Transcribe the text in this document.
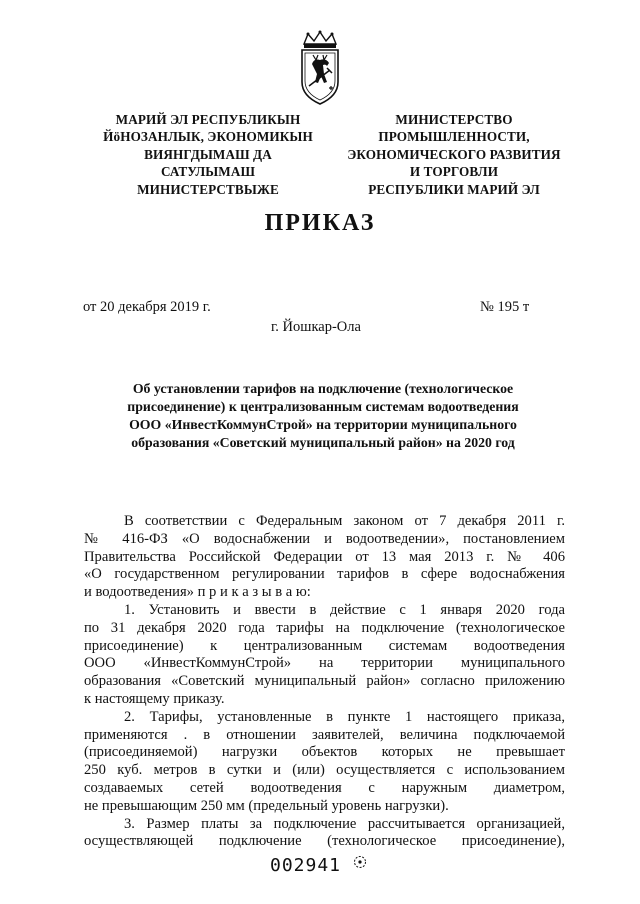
МАРИЙ ЭЛ РЕСПУБЛИКЫН
ЙӧНОЗАНЛЫК, ЭКОНОМИКЫН
ВИЯНГДЫМАШ ДА
САТУЛЫМАШ
МИНИСТЕРСТВЫЖЕ
МИНИСТЕРСТВО
ПРОМЫШЛЕННОСТИ,
ЭКОНОМИЧЕСКОГО РАЗВИТИЯ
И ТОРГОВЛИ
РЕСПУБЛИКИ МАРИЙ ЭЛ
ПРИКАЗ
от 20 декабря 2019 г.	№ 195 т
г. Йошкар-Ола
Об установлении тарифов на подключение (технологическое
присоединение) к централизованным системам водоотведения
ООО «ИнвестКоммунСтрой» на территории муниципального
образования «Советский муниципальный район» на 2020 год
В соответствии с Федеральным законом от 7 декабря 2011 г.
№ 416-ФЗ «О водоснабжении и водоотведении», постановлением
Правительства Российской Федерации от 13 мая 2013 г. № 406
«О государственном регулировании тарифов в сфере водоснабжения
и водоотведения» п р и к а з ы в а ю:
1. Установить и ввести в действие с 1 января 2020 года
по 31 декабря 2020 года тарифы на подключение (технологическое
присоединение) к централизованным системам водоотведения
ООО «ИнвестКоммунСтрой» на территории муниципального
образования «Советский муниципальный район» согласно приложению
к настоящему приказу.
2. Тарифы, установленные в пункте 1 настоящего приказа,
применяются . в отношении заявителей, величина подключаемой
(присоединяемой) нагрузки объектов которых не превышает
250 куб. метров в сутки и (или) осуществляется с использованием
создаваемых сетей водоотведения с наружным диаметром,
не превышающим 250 мм (предельный уровень нагрузки).
3. Размер платы за подключение рассчитывается организацией,
осуществляющей подключение (технологическое присоединение),
002941
